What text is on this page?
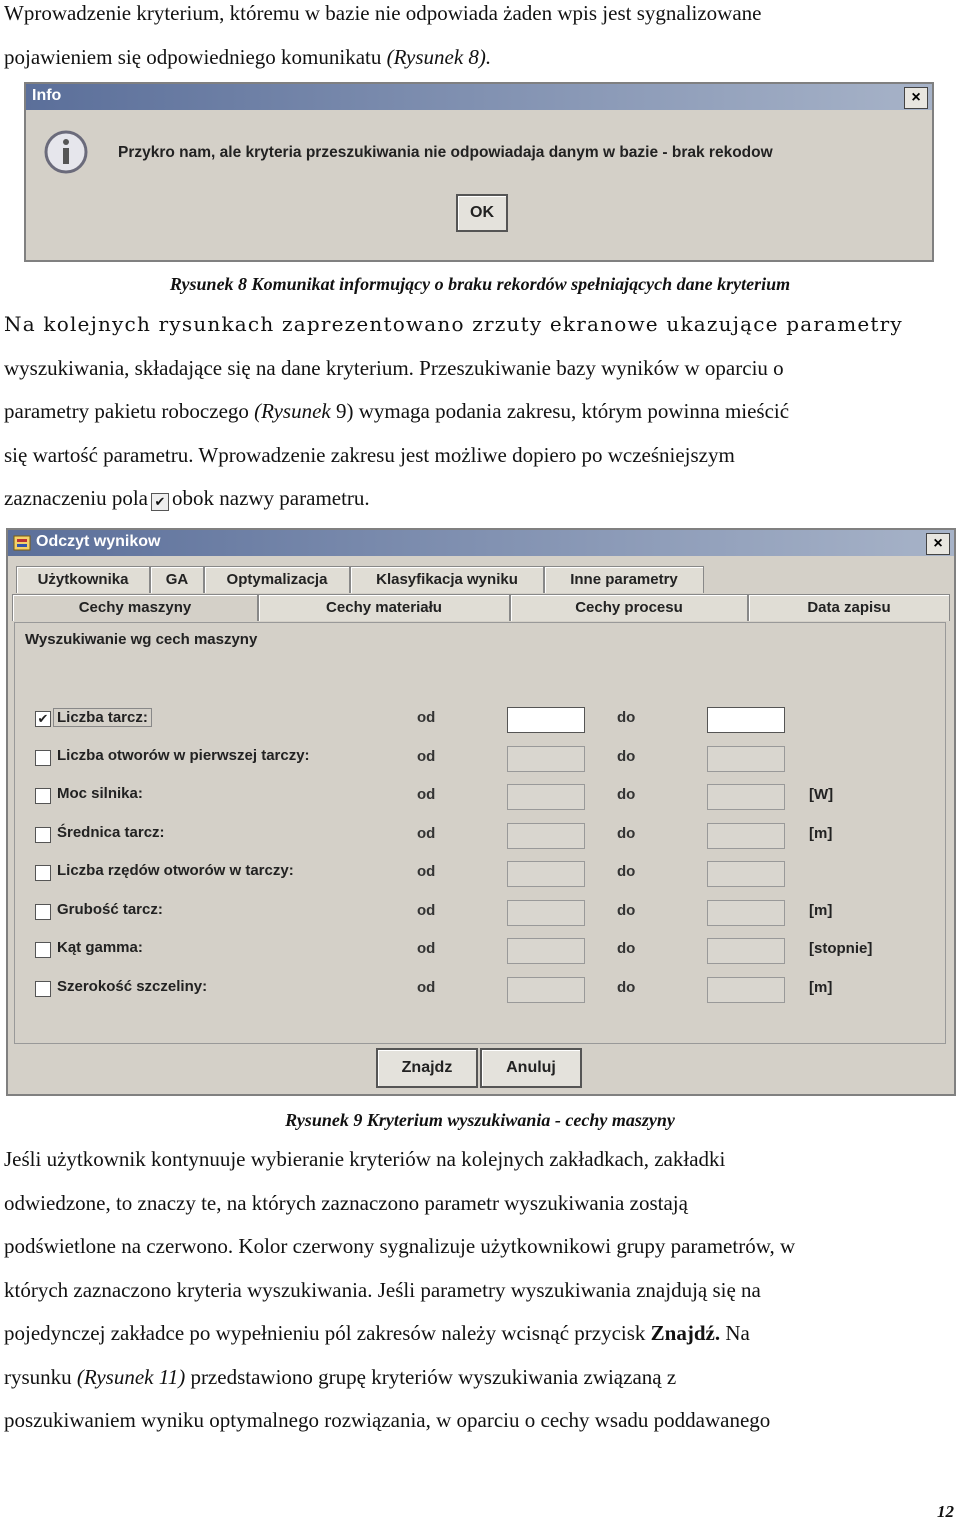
Wprowadzenie kryterium, któremu w bazie nie odpowiada żaden wpis jest sygnalizowane
pojawieniem się odpowiedniego komunikatu (Rysunek 8).
Info	×
Przykro nam, ale kryteria przeszukiwania nie odpowiadaja danym w bazie - brak rekodow
OK
Rysunek 8 Komunikat informujący o braku rekordów spełniających dane kryterium
Na kolejnych rysunkach zaprezentowano zrzuty ekranowe ukazujące parametry
wyszukiwania, składające się na dane kryterium. Przeszukiwanie bazy wyników w oparciu o
parametry pakietu roboczego (Rysunek 9) wymaga podania zakresu, którym powinna mieścić
się wartość parametru. Wprowadzenie zakresu jest możliwe dopiero po wcześniejszym
zaznaczeniu pola ✔ obok nazwy parametru.
Odczyt wynikow	×
Użytkownika	GA	Optymalizacja	Klasyfikacja wyniku	Inne parametry
Cechy maszyny	Cechy materiału	Cechy procesu	Data zapisu
Wyszukiwanie wg cech maszyny
✔ Liczba tarcz:	od	do
Liczba otworów w pierwszej tarczy:	od	do
Moc silnika:	od	do	[W]
Średnica tarcz:	od	do	[m]
Liczba rzędów otworów w tarczy:	od	do
Grubość tarcz:	od	do	[m]
Kąt gamma:	od	do	[stopnie]
Szerokość szczeliny:	od	do	[m]
Znajdz	Anuluj
Rysunek 9 Kryterium wyszukiwania - cechy maszyny
Jeśli użytkownik kontynuuje wybieranie kryteriów na kolejnych zakładkach, zakładki
odwiedzone, to znaczy te, na których zaznaczono parametr wyszukiwania zostają
podświetlone na czerwono. Kolor czerwony sygnalizuje użytkownikowi grupy parametrów, w
których zaznaczono kryteria wyszukiwania. Jeśli parametry wyszukiwania znajdują się na
pojedynczej zakładce po wypełnieniu pól zakresów należy wcisnąć przycisk Znajdź. Na
rysunku (Rysunek 11) przedstawiono grupę kryteriów wyszukiwania związaną z
poszukiwaniem wyniku optymalnego rozwiązania, w oparciu o cechy wsadu poddawanego
12
